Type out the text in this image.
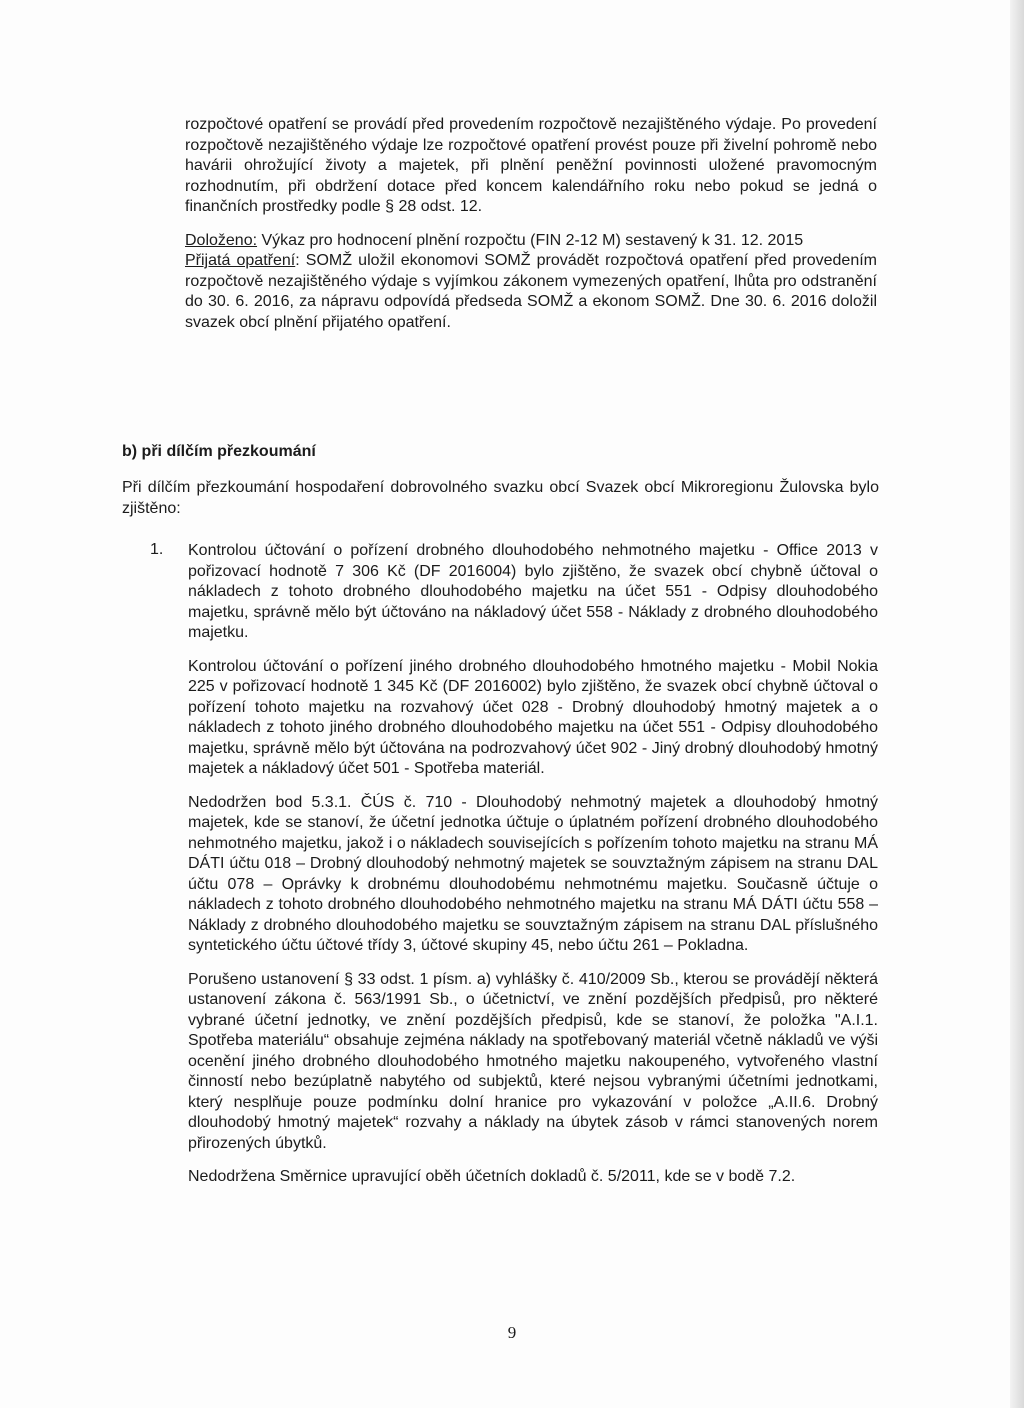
rozpočtové opatření se provádí před provedením rozpočtově nezajištěného výdaje. Po provedení rozpočtově nezajištěného výdaje lze rozpočtové opatření provést pouze při živelní pohromě nebo havárii ohrožující životy a majetek, při plnění peněžní povinnosti uložené pravomocným rozhodnutím, při obdržení dotace před koncem kalendářního roku nebo pokud se jedná o finančních prostředky podle § 28 odst. 12.

Doloženo: Výkaz pro hodnocení plnění rozpočtu (FIN 2-12 M) sestavený k 31. 12. 2015

Přijatá opatření: SOMŽ uložil ekonomovi SOMŽ provádět rozpočtová opatření před provedením rozpočtově nezajištěného výdaje s vyjímkou zákonem vymezených opatření, lhůta pro odstranění do 30. 6. 2016, za nápravu odpovídá předseda SOMŽ a ekonom SOMŽ. Dne 30. 6. 2016 doložil svazek obcí plnění přijatého opatření.

b) při dílčím přezkoumání

Při dílčím přezkoumání hospodaření dobrovolného svazku obcí Svazek obcí Mikroregionu Žulovska bylo zjištěno:

1. Kontrolou účtování o pořízení drobného dlouhodobého nehmotného majetku - Office 2013 v pořizovací hodnotě 7 306 Kč (DF 2016004) bylo zjištěno, že svazek obcí chybně účtoval o nákladech z tohoto drobného dlouhodobého majetku na účet 551 - Odpisy dlouhodobého majetku, správně mělo být účtováno na nákladový účet 558 - Náklady z drobného dlouhodobého majetku.

Kontrolou účtování o pořízení jiného drobného dlouhodobého hmotného majetku - Mobil Nokia 225 v pořizovací hodnotě 1 345 Kč (DF 2016002) bylo zjištěno, že svazek obcí chybně účtoval o pořízení tohoto majetku na rozvahový účet 028 - Drobný dlouhodobý hmotný majetek a o nákladech z tohoto jiného drobného dlouhodobého majetku na účet 551 - Odpisy dlouhodobého majetku, správně mělo být účtována na podrozvahový účet 902 - Jiný drobný dlouhodobý hmotný majetek a nákladový účet 501 - Spotřeba materiál.

Nedodržen bod 5.3.1. ČÚS č. 710 - Dlouhodobý nehmotný majetek a dlouhodobý hmotný majetek, kde se stanoví, že účetní jednotka účtuje o úplatném pořízení drobného dlouhodobého nehmotného majetku, jakož i o nákladech souvisejících s pořízením tohoto majetku na stranu MÁ DÁTI účtu 018 – Drobný dlouhodobý nehmotný majetek se souvztažným zápisem na stranu DAL účtu 078 – Oprávky k drobnému dlouhodobému nehmotnému majetku. Současně účtuje o nákladech z tohoto drobného dlouhodobého nehmotného majetku na stranu MÁ DÁTI účtu 558 – Náklady z drobného dlouhodobého majetku se souvztažným zápisem na stranu DAL příslušného syntetického účtu účtové třídy 3, účtové skupiny 45, nebo účtu 261 – Pokladna.

Porušeno ustanovení § 33 odst. 1 písm. a) vyhlášky č. 410/2009 Sb., kterou se provádějí některá ustanovení zákona č. 563/1991 Sb., o účetnictví, ve znění pozdějších předpisů, pro některé vybrané účetní jednotky, ve znění pozdějších předpisů, kde se stanoví, že položka "A.I.1. Spotřeba materiálu“ obsahuje zejména náklady na spotřebovaný materiál včetně nákladů ve výši ocenění jiného drobného dlouhodobého hmotného majetku nakoupeného, vytvořeného vlastní činností nebo bezúplatně nabytého od subjektů, které nejsou vybranými účetními jednotkami, který nesplňuje pouze podmínku dolní hranice pro vykazování v položce „A.II.6. Drobný dlouhodobý hmotný majetek“ rozvahy a náklady na úbytek zásob v rámci stanovených norem přirozených úbytků.

Nedodržena Směrnice upravující oběh účetních dokladů č. 5/2011, kde se v bodě 7.2.

9
